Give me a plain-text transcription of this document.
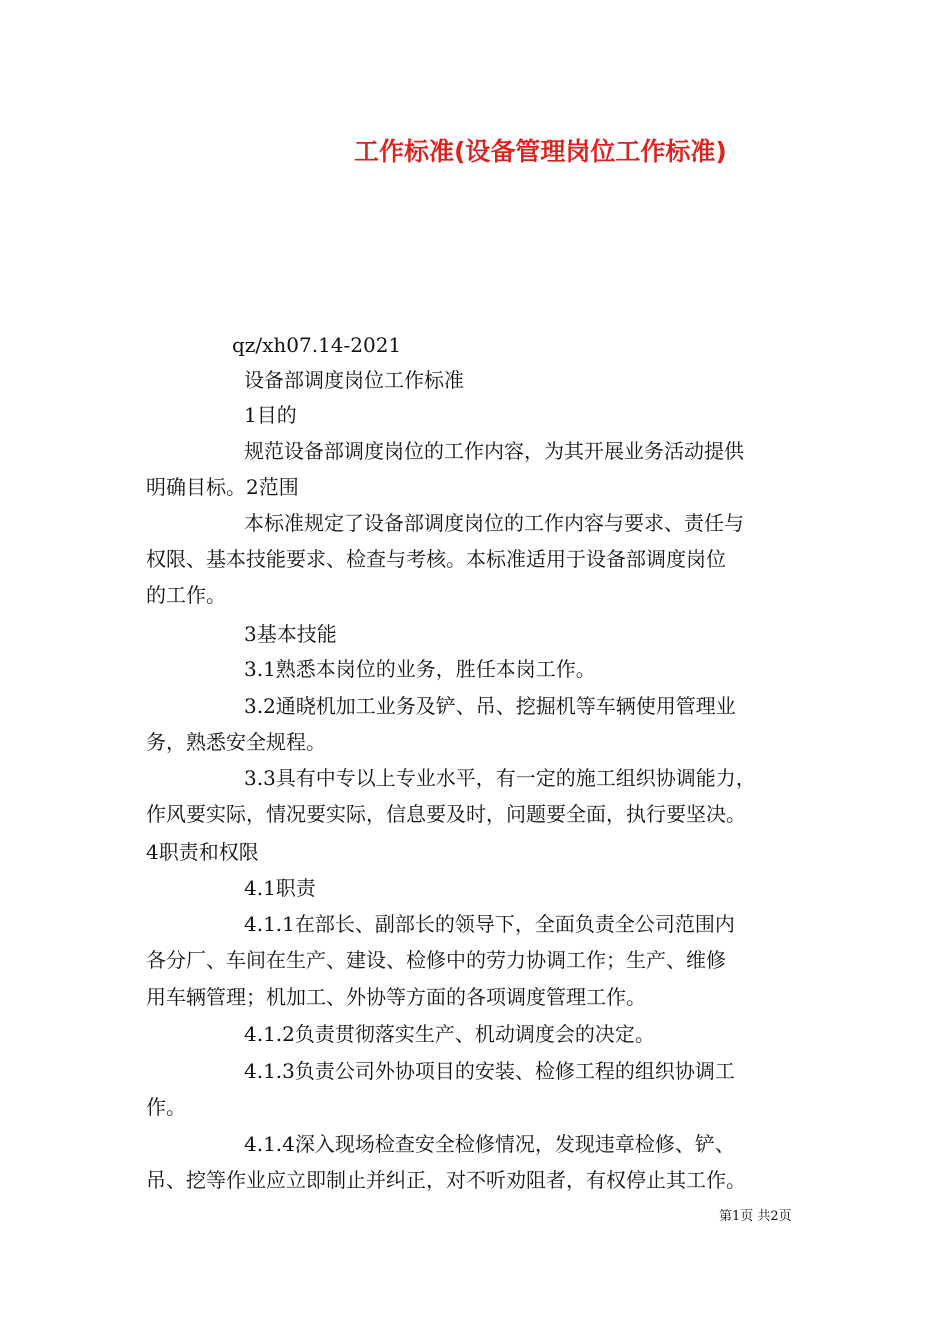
工作标准(设备管理岗位工作标准)
qz/xh07.14-2021
设备部调度岗位工作标准
1目的
规范设备部调度岗位的工作内容，为其开展业务活动提供
明确目标。2范围
本标准规定了设备部调度岗位的工作内容与要求、责任与
权限、基本技能要求、检查与考核。本标准适用于设备部调度岗位
的工作。
3基本技能
3.1熟悉本岗位的业务，胜任本岗工作。
3.2通晓机加工业务及铲、吊、挖掘机等车辆使用管理业
务，熟悉安全规程。
3.3具有中专以上专业水平，有一定的施工组织协调能力，
作风要实际，情况要实际，信息要及时，问题要全面，执行要坚决。
4职责和权限
4.1职责
4.1.1在部长、副部长的领导下，全面负责全公司范围内
各分厂、车间在生产、建设、检修中的劳力协调工作；生产、维修
用车辆管理；机加工、外协等方面的各项调度管理工作。
4.1.2负责贯彻落实生产、机动调度会的决定。
4.1.3负责公司外协项目的安装、检修工程的组织协调工
作。
4.1.4深入现场检查安全检修情况，发现违章检修、铲、
吊、挖等作业应立即制止并纠正，对不听劝阻者，有权停止其工作。
第1页 共2页
